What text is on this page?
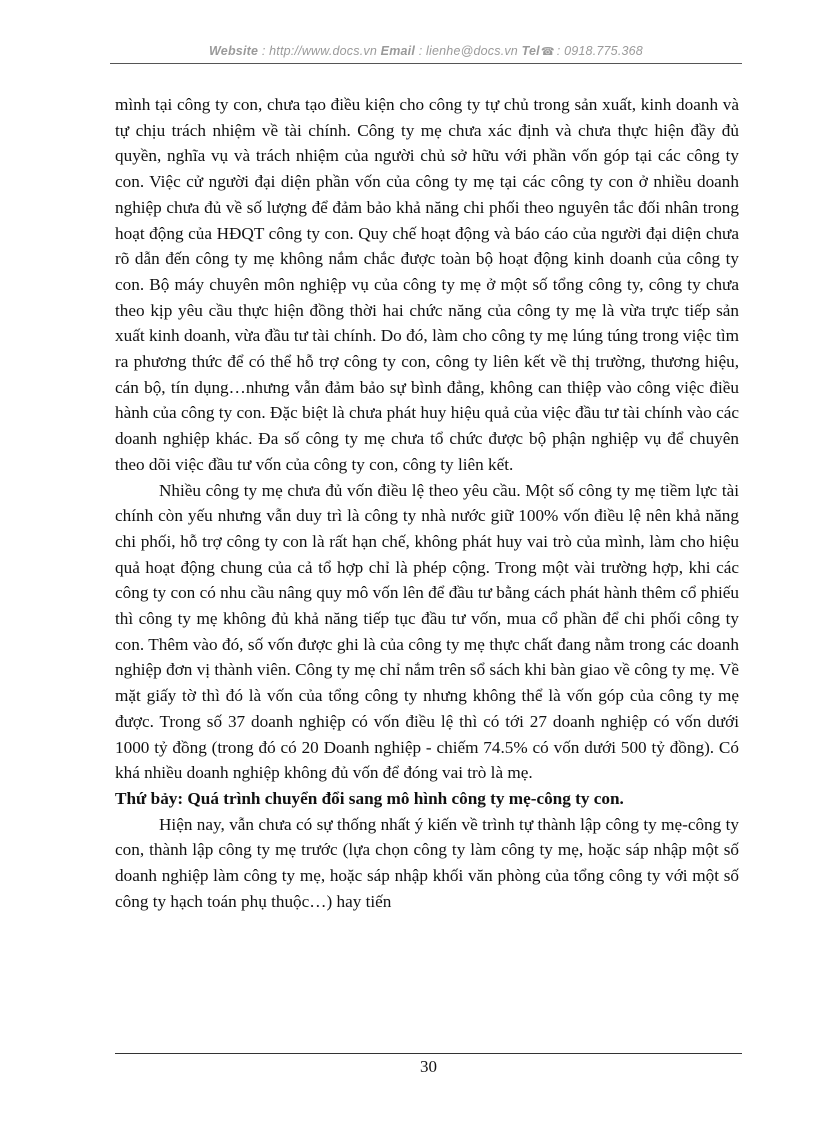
Website : http://www.docs.vn Email : lienhe@docs.vn Tel☎ : 0918.775.368

mình tại công ty con, chưa tạo điều kiện cho công ty tự chủ trong sản xuất, kinh doanh và tự chịu trách nhiệm về tài chính. Công ty mẹ chưa xác định và chưa thực hiện đầy đủ quyền, nghĩa vụ và trách nhiệm của người chủ sở hữu với phần vốn góp tại các công ty con. Việc cử người đại diện phần vốn của công ty mẹ tại các công ty con ở nhiều doanh nghiệp chưa đủ về số lượng để đảm bảo khả năng chi phối theo nguyên tắc đối nhân trong hoạt động của HĐQT công ty con. Quy chế hoạt động và báo cáo của người đại diện chưa rõ dẫn đến công ty mẹ không nắm chắc được toàn bộ hoạt động kinh doanh của công ty con. Bộ máy chuyên môn nghiệp vụ của công ty mẹ ở một số tổng công ty, công ty chưa theo kịp yêu cầu thực hiện đồng thời hai chức năng của công ty mẹ là vừa trực tiếp sản xuất kinh doanh, vừa đầu tư tài chính. Do đó, làm cho công ty mẹ lúng túng trong việc tìm ra phương thức để có thể hỗ trợ công ty con, công ty liên kết về thị trường, thương hiệu, cán bộ, tín dụng…nhưng vẫn đảm bảo sự bình đẳng, không can thiệp vào công việc điều hành của công ty con. Đặc biệt là chưa phát huy hiệu quả của việc đầu tư tài chính vào các doanh nghiệp khác. Đa số công ty mẹ chưa tổ chức được bộ phận nghiệp vụ để chuyên theo dõi việc đầu tư vốn của công ty con, công ty liên kết.

Nhiều công ty mẹ chưa đủ vốn điều lệ theo yêu cầu. Một số công ty mẹ tiềm lực tài chính còn yếu nhưng vẫn duy trì là công ty nhà nước giữ 100% vốn điều lệ nên khả năng chi phối, hỗ trợ công ty con là rất hạn chế, không phát huy vai trò của mình, làm cho hiệu quả hoạt động chung của cả tổ hợp chỉ là phép cộng. Trong một vài trường hợp, khi các công ty con có nhu cầu nâng quy mô vốn lên để đầu tư bằng cách phát hành thêm cổ phiếu thì công ty mẹ không đủ khả năng tiếp tục đầu tư vốn, mua cổ phần để chi phối công ty con. Thêm vào đó, số vốn được ghi là của công ty mẹ thực chất đang nằm trong các doanh nghiệp đơn vị thành viên. Công ty mẹ chỉ nắm trên sổ sách khi bàn giao về công ty mẹ. Về mặt giấy tờ thì đó là vốn của tổng công ty nhưng không thể là vốn góp của công ty mẹ được. Trong số 37 doanh nghiệp có vốn điều lệ thì có tới 27 doanh nghiệp có vốn dưới 1000 tỷ đồng (trong đó có 20 Doanh nghiệp - chiếm 74.5% có vốn dưới 500 tỷ đồng). Có khá nhiều doanh nghiệp không đủ vốn để đóng vai trò là mẹ.

Thứ bảy: Quá trình chuyển đổi sang mô hình công ty mẹ-công ty con.

Hiện nay, vẫn chưa có sự thống nhất ý kiến về trình tự thành lập công ty mẹ-công ty con, thành lập công ty mẹ trước (lựa chọn công ty làm công ty mẹ, hoặc sáp nhập một số doanh nghiệp làm công ty mẹ, hoặc sáp nhập khối văn phòng của tổng công ty với một số công ty hạch toán phụ thuộc…) hay tiến

30
